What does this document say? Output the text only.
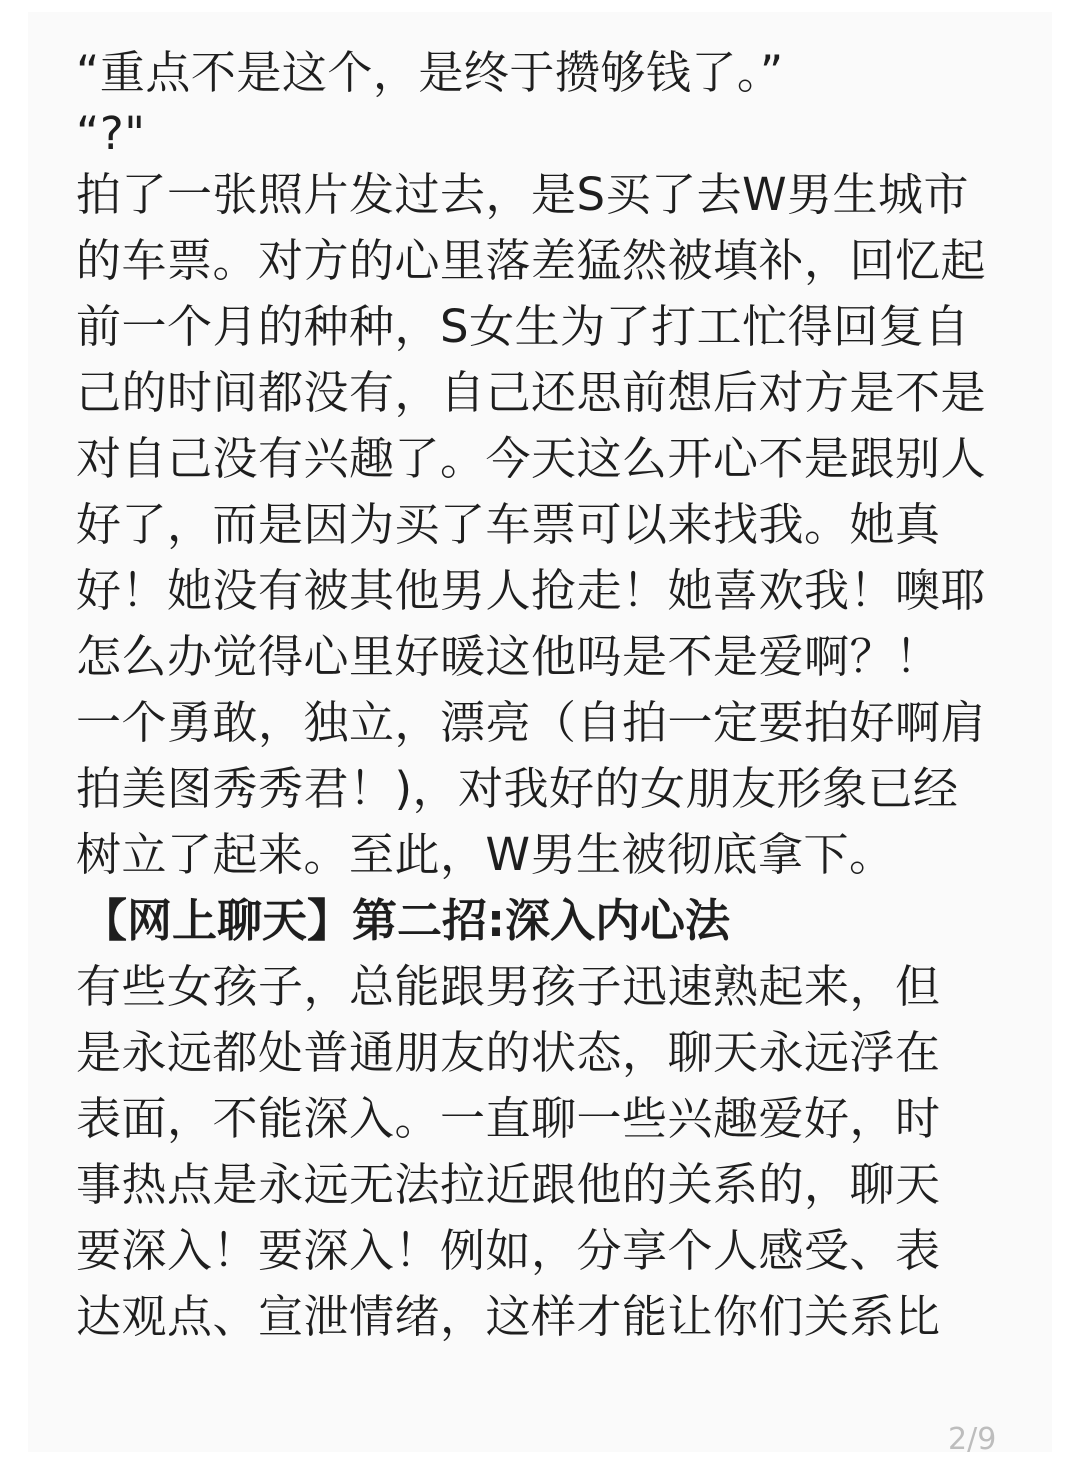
“重点不是这个，是终于攒够钱了。”
“?"
拍了一张照片发过去，是S买了去W男生城市
的车票。对方的心里落差猛然被填补，回忆起
前一个月的种种，S女生为了打工忙得回复自
己的时间都没有，自己还思前想后对方是不是
对自己没有兴趣了。今天这么开心不是跟别人
好了，而是因为买了车票可以来找我。她真
好！她没有被其他男人抢走！她喜欢我！噢耶
怎么办觉得心里好暖这他吗是不是爱啊？！
一个勇敢，独立，漂亮（自拍一定要拍好啊肩
拍美图秀秀君！)，对我好的女朋友形象已经
树立了起来。至此，W男生被彻底拿下。
【网上聊天】第二招:深入内心法
有些女孩子，总能跟男孩子迅速熟起来，但
是永远都处普通朋友的状态，聊天永远浮在
表面，不能深入。一直聊一些兴趣爱好，时
事热点是永远无法拉近跟他的关系的，聊天
要深入！要深入！例如，分享个人感受、表
达观点、宣泄情绪，这样才能让你们关系比
2/9
